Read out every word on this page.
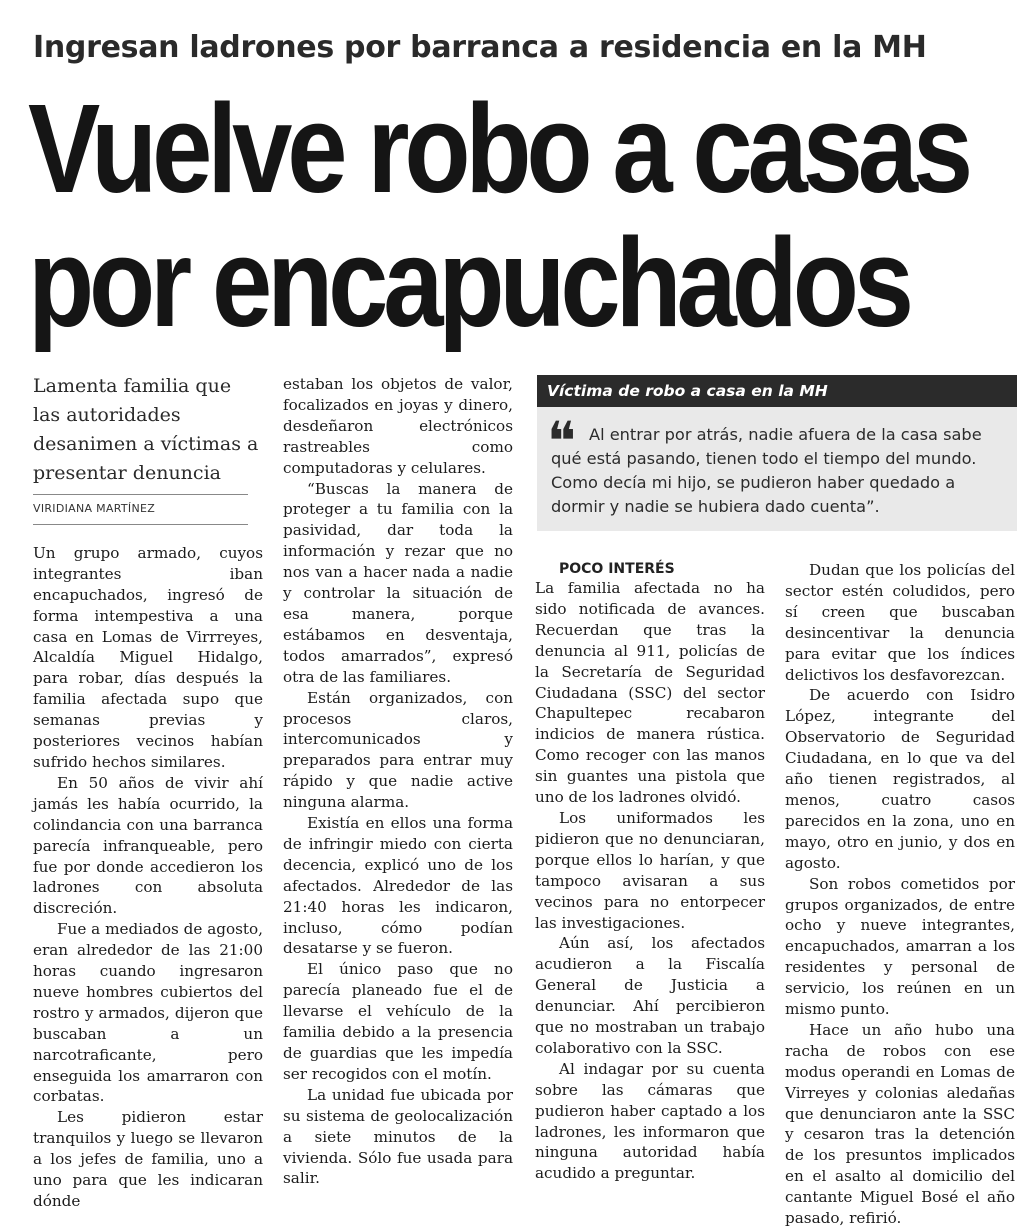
Ingresan ladrones por barranca a residencia en la MH
Vuelve robo a casas
por encapuchados
Lamenta familia que las autoridades desanimen a víctimas a presentar denuncia
VIRIDIANA MARTÍNEZ

Un grupo armado, cuyos integrantes iban encapuchados, ingresó de forma intempestiva a una casa en Lomas de Virrreyes, Alcaldía Miguel Hidalgo, para robar, días después la familia afectada supo que semanas previas y posteriores vecinos habían sufrido hechos similares.

En 50 años de vivir ahí jamás les había ocurrido, la colindancia con una barranca parecía infranqueable, pero fue por donde accedieron los ladrones con absoluta discreción.

Fue a mediados de agosto, eran alrededor de las 21:00 horas cuando ingresaron nueve hombres cubiertos del rostro y armados, dijeron que buscaban a un narcotraficante, pero enseguida los amarraron con corbatas.

Les pidieron estar tranquilos y luego se llevaron a los jefes de familia, uno a uno para que les indicaran dónde

estaban los objetos de valor, focalizados en joyas y dinero, desdeñaron electrónicos rastreables como computadoras y celulares.

“Buscas la manera de proteger a tu familia con la pasividad, dar toda la información y rezar que no nos van a hacer nada a nadie y controlar la situación de esa manera, porque estábamos en desventaja, todos amarrados”, expresó otra de las familiares.

Están organizados, con procesos claros, intercomunicados y preparados para entrar muy rápido y que nadie active ninguna alarma.

Existía en ellos una forma de infringir miedo con cierta decencia, explicó uno de los afectados. Alrededor de las 21:40 horas les indicaron, incluso, cómo podían desatarse y se fueron.

El único paso que no parecía planeado fue el de llevarse el vehículo de la familia debido a la presencia de guardias que les impedía ser recogidos con el motín.

La unidad fue ubicada por su sistema de geolocalización a siete minutos de la vivienda. Sólo fue usada para salir.

Víctima de robo a casa en la MH
❝ Al entrar por atrás, nadie afuera de la casa sabe qué está pasando, tienen todo el tiempo del mundo. Como decía mi hijo, se pudieron haber quedado a dormir y nadie se hubiera dado cuenta”.

POCO INTERÉS

La familia afectada no ha sido notificada de avances. Recuerdan que tras la denuncia al 911, policías de la Secretaría de Seguridad Ciudadana (SSC) del sector Chapultepec recabaron indicios de manera rústica. Como recoger con las manos sin guantes una pistola que uno de los ladrones olvidó.

Los uniformados les pidieron que no denunciaran, porque ellos lo harían, y que tampoco avisaran a sus vecinos para no entorpecer las investigaciones.

Aún así, los afectados acudieron a la Fiscalía General de Justicia a denunciar. Ahí percibieron que no mostraban un trabajo colaborativo con la SSC.

Al indagar por su cuenta sobre las cámaras que pudieron haber captado a los ladrones, les informaron que ninguna autoridad había acudido a preguntar.

Dudan que los policías del sector estén coludidos, pero sí creen que buscaban desincentivar la denuncia para evitar que los índices delictivos los desfavorezcan.

De acuerdo con Isidro López, integrante del Observatorio de Seguridad Ciudadana, en lo que va del año tienen registrados, al menos, cuatro casos parecidos en la zona, uno en mayo, otro en junio, y dos en agosto.

Son robos cometidos por grupos organizados, de entre ocho y nueve integrantes, encapuchados, amarran a los residentes y personal de servicio, los reúnen en un mismo punto.

Hace un año hubo una racha de robos con ese modus operandi en Lomas de Virreyes y colonias aledañas que denunciaron ante la SSC y cesaron tras la detención de los presuntos implicados en el asalto al domicilio del cantante Miguel Bosé el año pasado, refirió.
